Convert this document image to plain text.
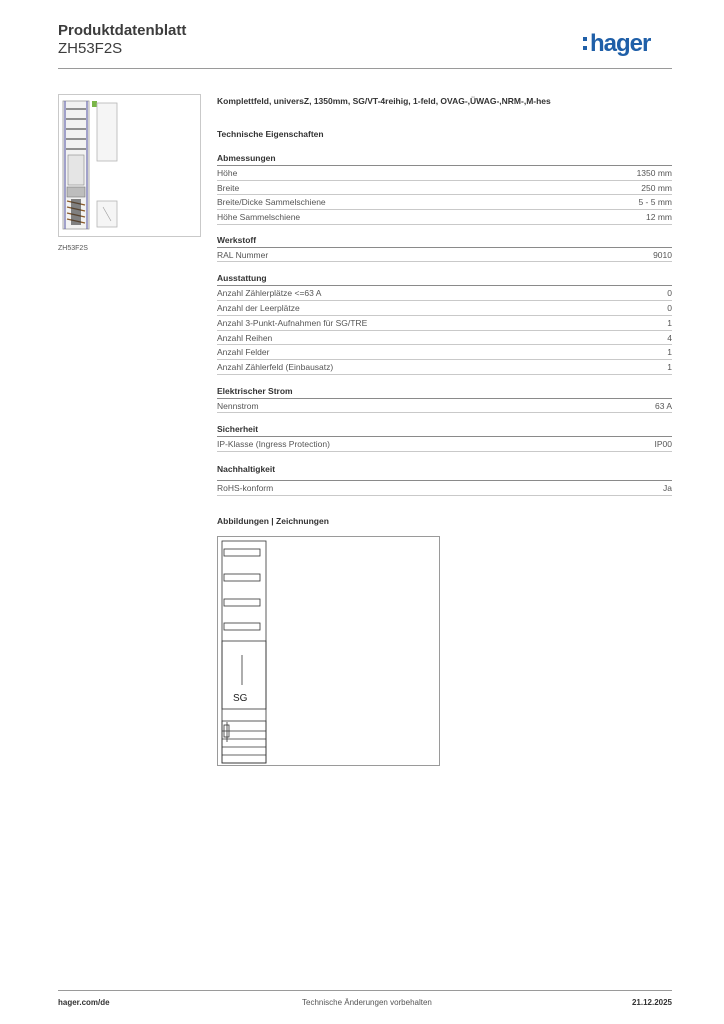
Produktdatenblatt
ZH53F2S	hager
ZH53F2S
Komplettfeld, universZ, 1350mm, SG/VT-4reihig, 1-feld, OVAG-,ÜWAG-,NRM-,M-hes
Technische Eigenschaften
Abmessungen
Höhe	1350 mm
Breite	250 mm
Breite/Dicke Sammelschiene	5 - 5 mm
Höhe Sammelschiene	12 mm
Werkstoff
RAL Nummer	9010
Ausstattung
Anzahl Zählerplätze <=63 A	0
Anzahl der Leerplätze	0
Anzahl 3-Punkt-Aufnahmen für SG/TRE	1
Anzahl Reihen	4
Anzahl Felder	1
Anzahl Zählerfeld (Einbausatz)	1
Elektrischer Strom
Nennstrom	63 A
Sicherheit
IP-Klasse (Ingress Protection)	IP00
Nachhaltigkeit
RoHS-konform	Ja
Abbildungen | Zeichnungen
SG
hager.com/de	Technische Änderungen vorbehalten	21.12.2025
